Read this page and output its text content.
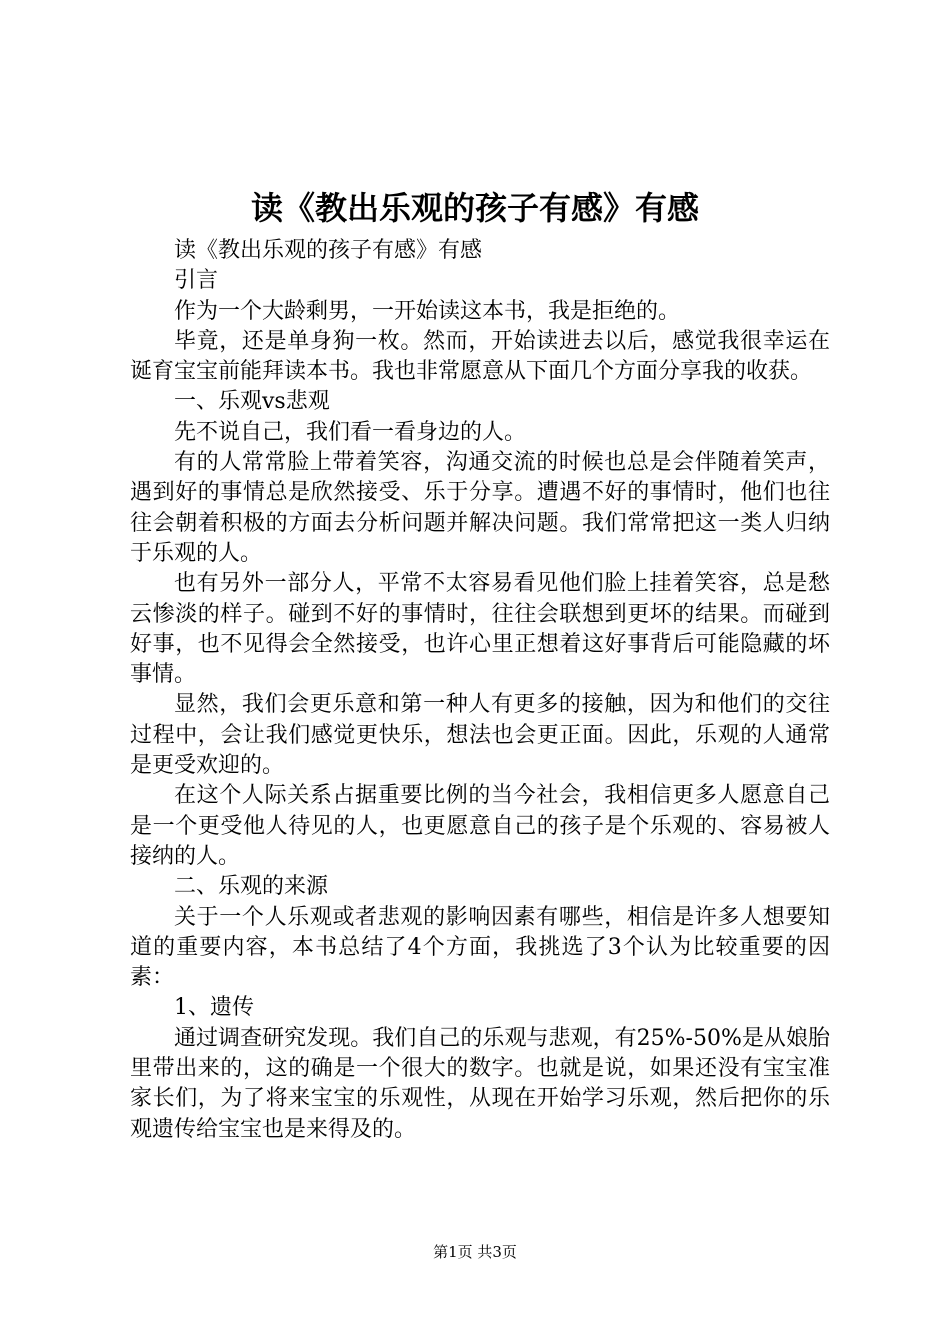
读《教出乐观的孩子有感》有感

读《教出乐观的孩子有感》有感

引言

作为一个大龄剩男，一开始读这本书，我是拒绝的。

毕竟，还是单身狗一枚。然而，开始读进去以后，感觉我很幸运在诞育宝宝前能拜读本书。我也非常愿意从下面几个方面分享我的收获。

一、乐观vs悲观

先不说自己，我们看一看身边的人。

有的人常常脸上带着笑容，沟通交流的时候也总是会伴随着笑声，遇到好的事情总是欣然接受、乐于分享。遭遇不好的事情时，他们也往往会朝着积极的方面去分析问题并解决问题。我们常常把这一类人归纳于乐观的人。

也有另外一部分人，平常不太容易看见他们脸上挂着笑容，总是愁云惨淡的样子。碰到不好的事情时，往往会联想到更坏的结果。而碰到好事，也不见得会全然接受，也许心里正想着这好事背后可能隐藏的坏事情。

显然，我们会更乐意和第一种人有更多的接触，因为和他们的交往过程中，会让我们感觉更快乐，想法也会更正面。因此，乐观的人通常是更受欢迎的。

在这个人际关系占据重要比例的当今社会，我相信更多人愿意自己是一个更受他人待见的人，也更愿意自己的孩子是个乐观的、容易被人接纳的人。

二、乐观的来源

关于一个人乐观或者悲观的影响因素有哪些，相信是许多人想要知道的重要内容，本书总结了4个方面，我挑选了3个认为比较重要的因素：

1、遗传

通过调查研究发现。我们自己的乐观与悲观，有25%-50%是从娘胎里带出来的，这的确是一个很大的数字。也就是说，如果还没有宝宝准家长们，为了将来宝宝的乐观性，从现在开始学习乐观，然后把你的乐观遗传给宝宝也是来得及的。

第1页 共3页
